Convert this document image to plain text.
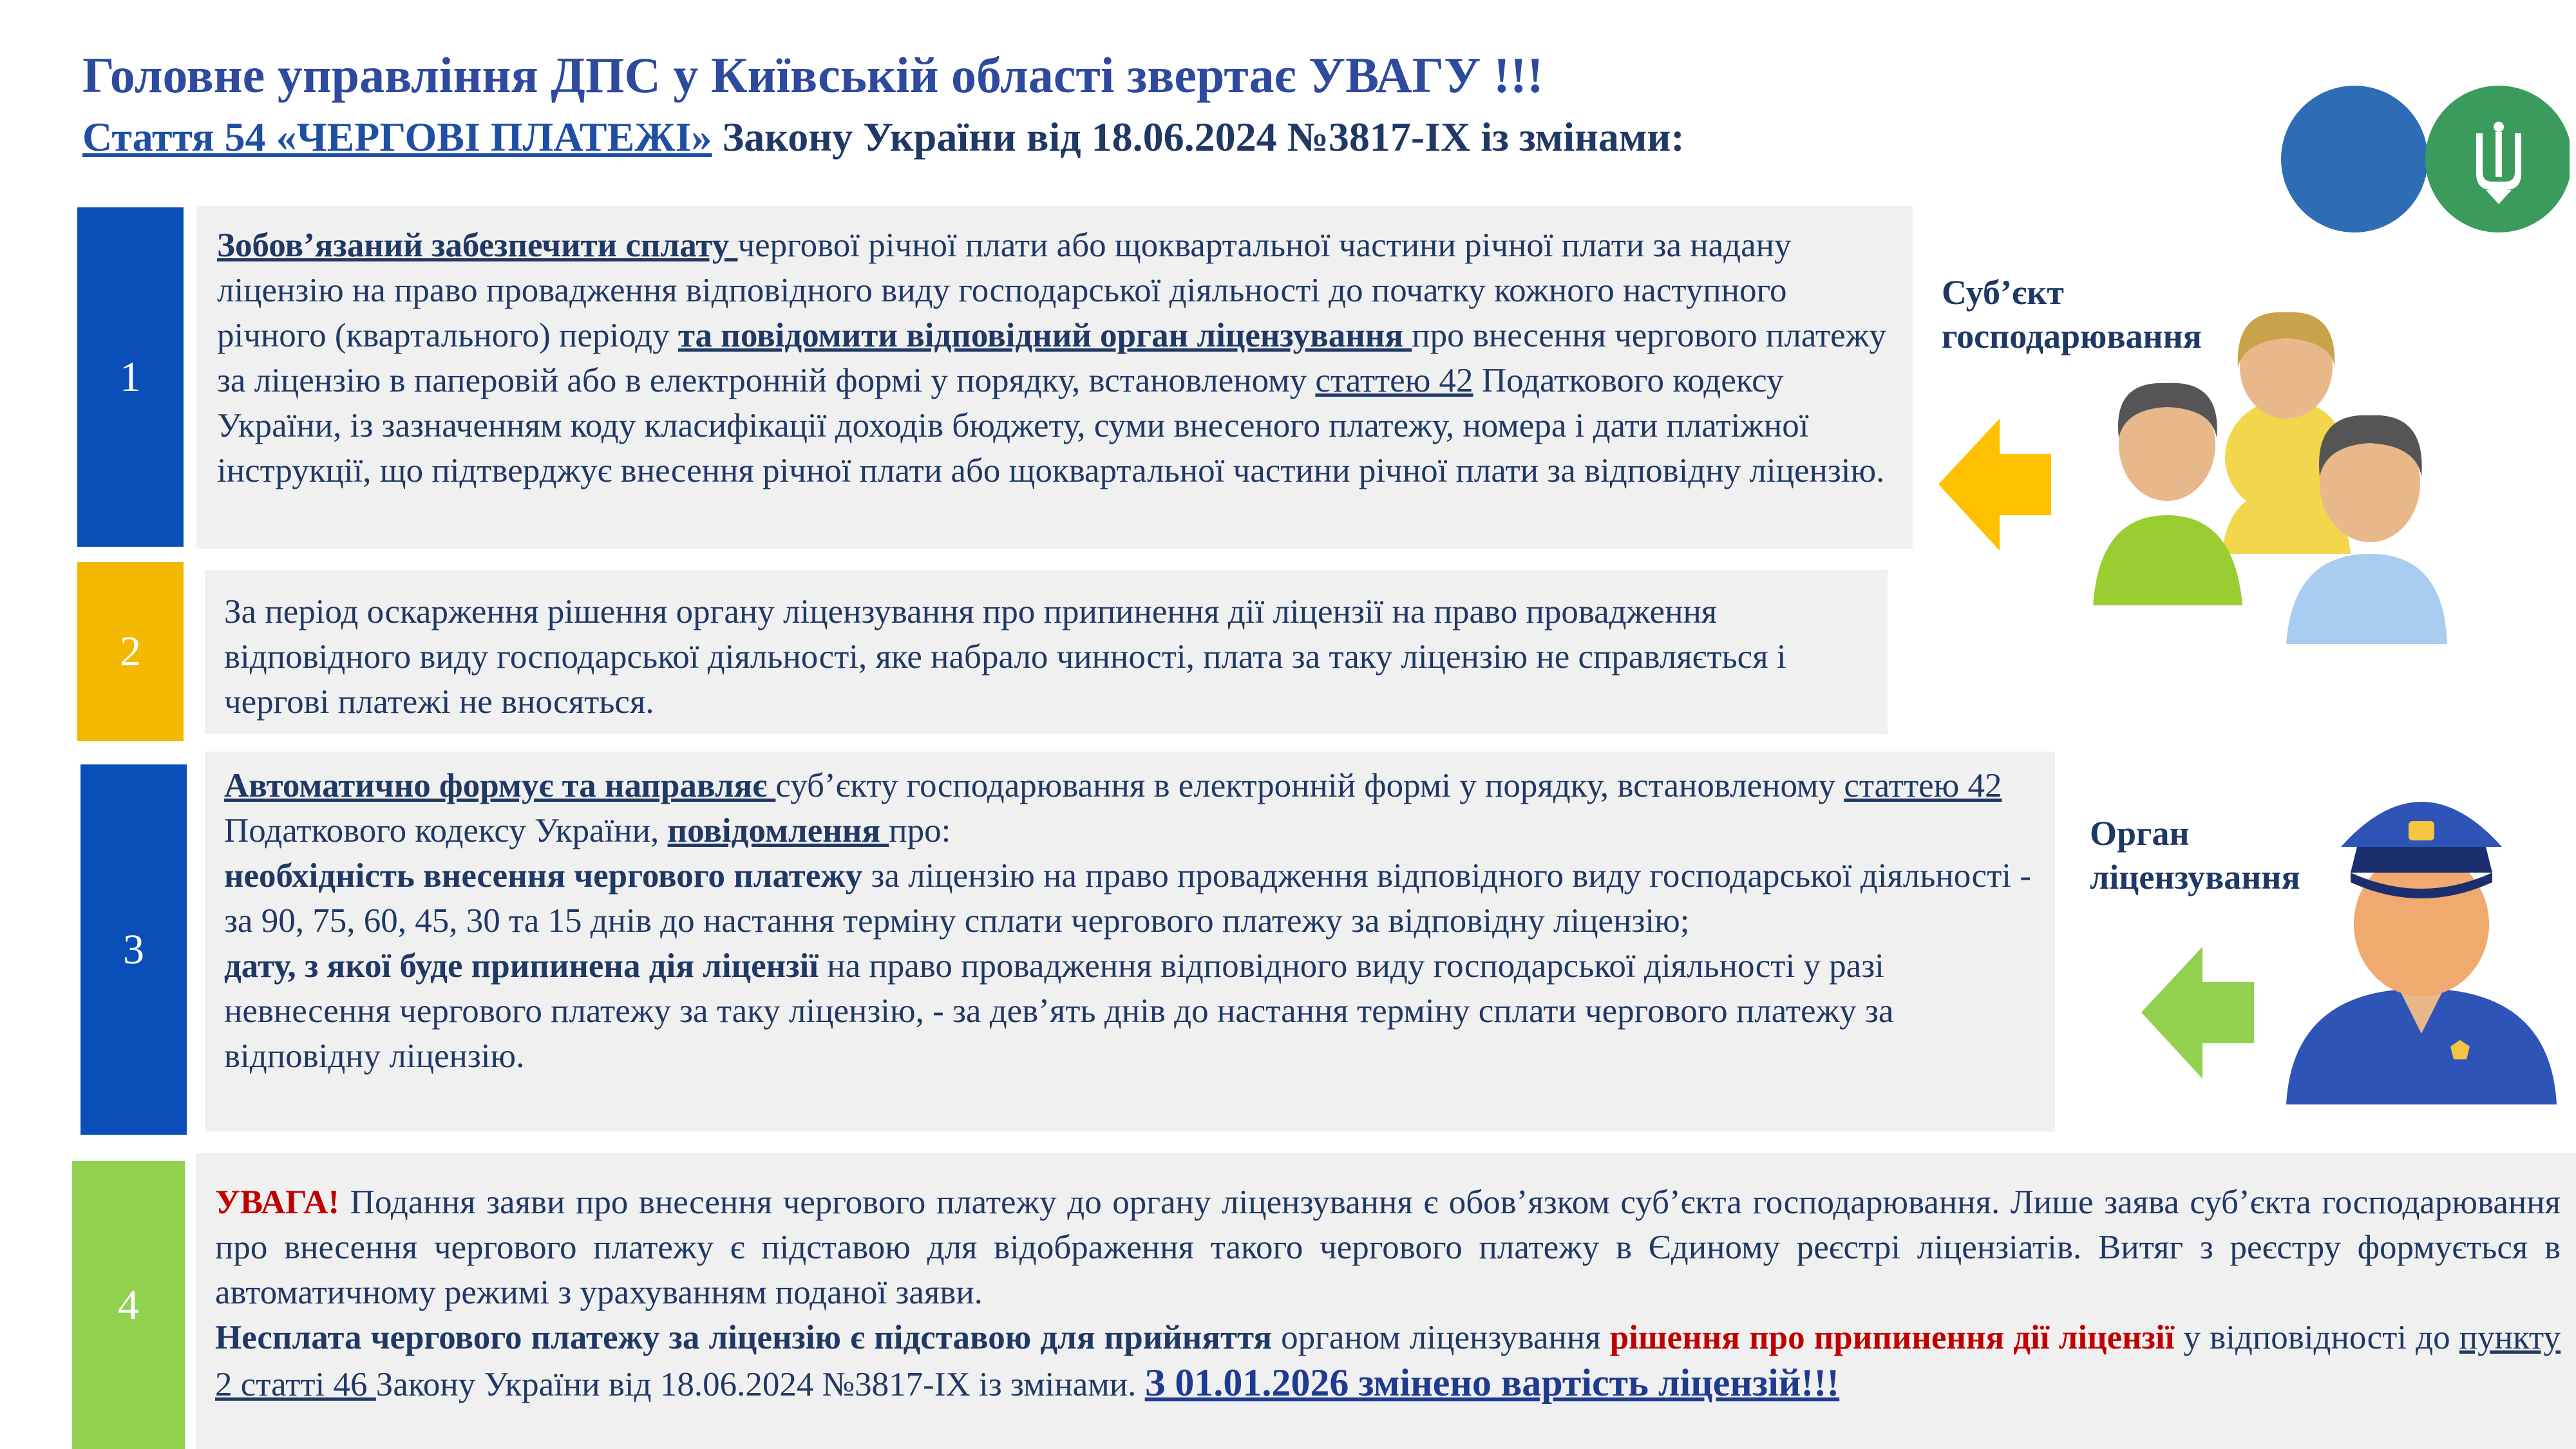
Головне управління ДПС у Київській області звертає УВАГУ !!!
Стаття 54 «ЧЕРГОВІ ПЛАТЕЖІ» Закону України від 18.06.2024 №3817-ІХ із змінами:
1
Зобов’язаний забезпечити сплату чергової річної плати або щоквартальної частини річної плати за надану ліцензію на право провадження відповідного виду господарської діяльності до початку кожного наступного річного (квартального) періоду та повідомити відповідний орган ліцензування про внесення чергового платежу за ліцензію в паперовій або в електронній формі у порядку, встановленому статтею 42 Податкового кодексу України, із зазначенням коду класифікації доходів бюджету, суми внесеного платежу, номера і дати платіжної інструкції, що підтверджує внесення річної плати або щоквартальної частини річної плати за відповідну ліцензію.
2
За період оскарження рішення органу ліцензування про припинення дії ліцензії на право провадження відповідного виду господарської діяльності, яке набрало чинності, плата за таку ліцензію не справляється і чергові платежі не вносяться.
3
Автоматично формує та направляє суб’єкту господарювання в електронній формі у порядку, встановленому статтею 42 Податкового кодексу України, повідомлення про:
необхідність внесення чергового платежу за ліцензію на право провадження відповідного виду господарської діяльності - за 90, 75, 60, 45, 30 та 15 днів до настання терміну сплати чергового платежу за відповідну ліцензію;
дату, з якої буде припинена дія ліцензії на право провадження відповідного виду господарської діяльності у разі невнесення чергового платежу за таку ліцензію, - за дев’ять днів до настання терміну сплати чергового платежу за відповідну ліцензію.
4
УВАГА! Подання заяви про внесення чергового платежу до органу ліцензування є обов’язком суб’єкта господарювання. Лише заява суб’єкта господарювання про внесення чергового платежу є підставою для відображення такого чергового платежу в Єдиному реєстрі ліцензіатів. Витяг з реєстру формується в автоматичному режимі з урахуванням поданої заяви.
Несплата чергового платежу за ліцензію є підставою для прийняття органом ліцензування рішення про припинення дії ліцензії у відповідності до пункту 2 статті 46 Закону України від 18.06.2024 №3817-ІХ із змінами. З 01.01.2026 змінено вартість ліцензій!!!
Суб’єкт
господарювання
Орган
ліцензування
